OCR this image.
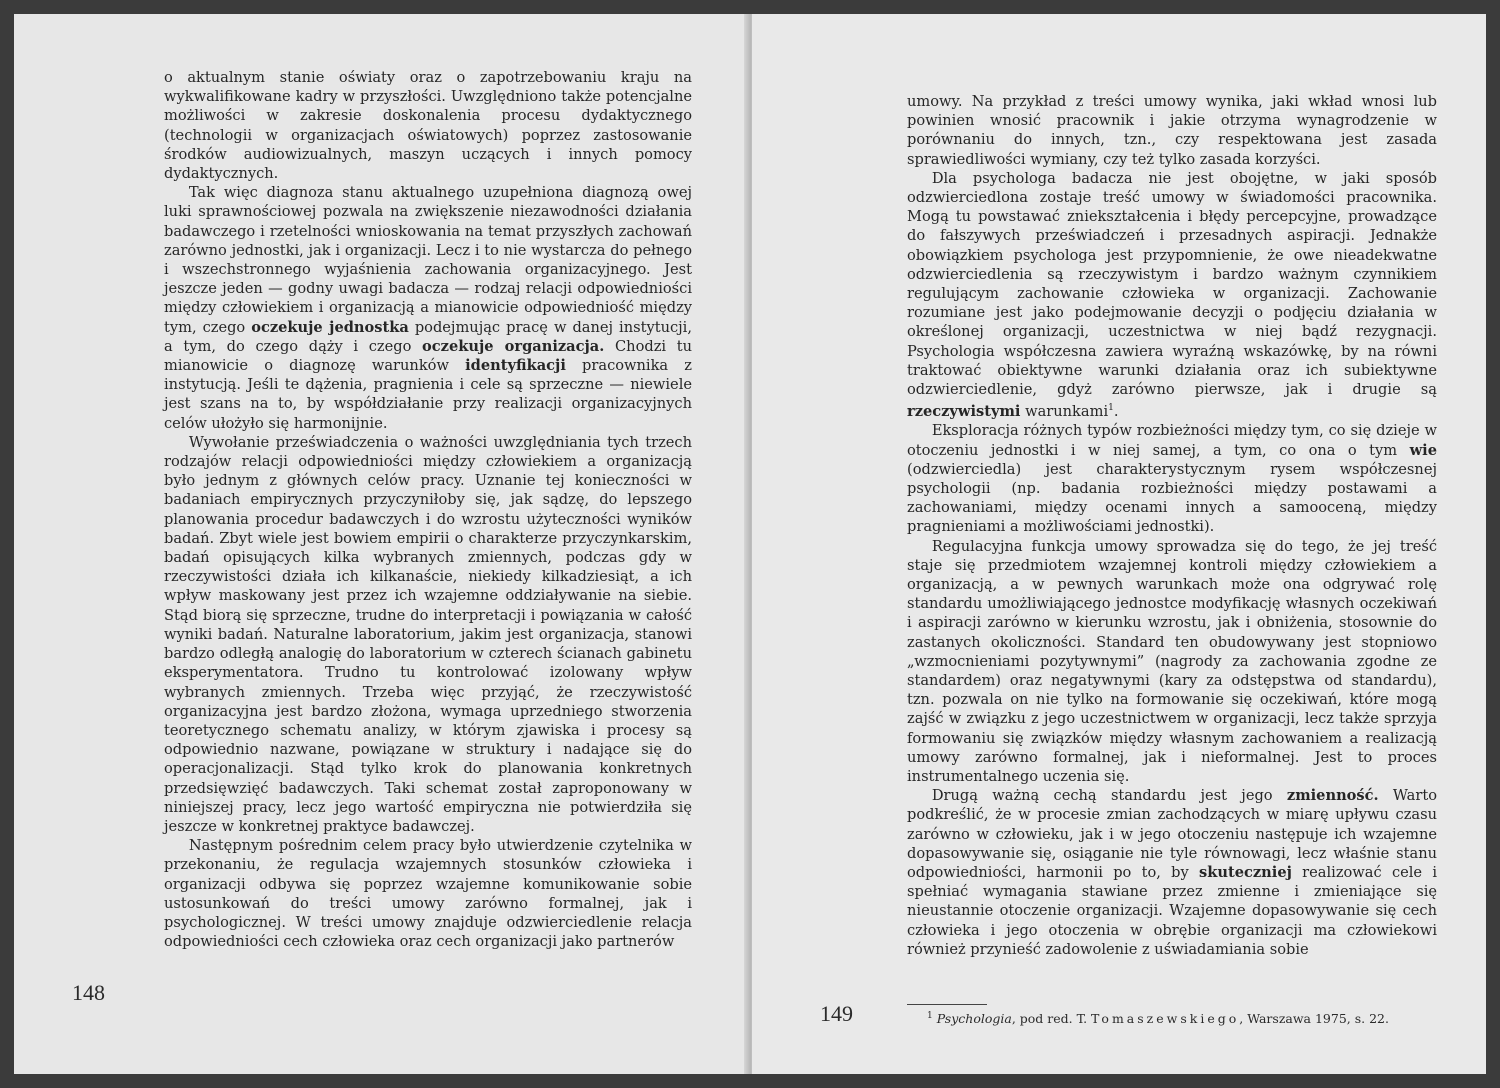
o aktualnym stanie oświaty oraz o zapotrzebowaniu kraju na wykwalifikowane kadry w przyszłości. Uwzględniono także potencjalne możliwości w zakresie doskonalenia procesu dydaktycznego (technologii w organizacjach oświatowych) poprzez zastosowanie środków audiowizualnych, maszyn uczących i innych pomocy dydaktycznych.

Tak więc diagnoza stanu aktualnego uzupełniona diagnozą owej luki sprawnościowej pozwala na zwiększenie niezawodności działania badawczego i rzetelności wnioskowania na temat przyszłych zachowań zarówno jednostki, jak i organizacji. Lecz i to nie wystarcza do pełnego i wszechstronnego wyjaśnienia zachowania organizacyjnego. Jest jeszcze jeden — godny uwagi badacza — rodzaj relacji odpowiedniości między człowiekiem i organizacją a mianowicie odpowiedniość między tym, czego oczekuje jednostka podejmując pracę w danej instytucji, a tym, do czego dąży i czego oczekuje organizacja. Chodzi tu mianowicie o diagnozę warunków identyfikacji pracownika z instytucją. Jeśli te dążenia, pragnienia i cele są sprzeczne — niewiele jest szans na to, by współdziałanie przy realizacji organizacyjnych celów ułożyło się harmonijnie.

Wywołanie przeświadczenia o ważności uwzględniania tych trzech rodzajów relacji odpowiedniości między człowiekiem a organizacją było jednym z głównych celów pracy. Uznanie tej konieczności w badaniach empirycznych przyczyniłoby się, jak sądzę, do lepszego planowania procedur badawczych i do wzrostu użyteczności wyników badań. Zbyt wiele jest bowiem empirii o charakterze przyczynkarskim, badań opisujących kilka wybranych zmiennych, podczas gdy w rzeczywistości działa ich kilkanaście, niekiedy kilkadziesiąt, a ich wpływ maskowany jest przez ich wzajemne oddziaływanie na siebie. Stąd biorą się sprzeczne, trudne do interpretacji i powiązania w całość wyniki badań. Naturalne laboratorium, jakim jest organizacja, stanowi bardzo odległą analogię do laboratorium w czterech ścianach gabinetu eksperymentatora. Trudno tu kontrolować izolowany wpływ wybranych zmiennych. Trzeba więc przyjąć, że rzeczywistość organizacyjna jest bardzo złożona, wymaga uprzedniego stworzenia teoretycznego schematu analizy, w którym zjawiska i procesy są odpowiednio nazwane, powiązane w struktury i nadające się do operacjonalizacji. Stąd tylko krok do planowania konkretnych przedsięwzięć badawczych. Taki schemat został zaproponowany w niniejszej pracy, lecz jego wartość empiryczna nie potwierdziła się jeszcze w konkretnej praktyce badawczej.

Następnym pośrednim celem pracy było utwierdzenie czytelnika w przekonaniu, że regulacja wzajemnych stosunków człowieka i organizacji odbywa się poprzez wzajemne komunikowanie sobie ustosunkowań do treści umowy zarówno formalnej, jak i psychologicznej. W treści umowy znajduje odzwierciedlenie relacja odpowiedniości cech człowieka oraz cech organizacji jako partnerów

148

umowy. Na przykład z treści umowy wynika, jaki wkład wnosi lub powinien wnosić pracownik i jakie otrzyma wynagrodzenie w porównaniu do innych, tzn., czy respektowana jest zasada sprawiedliwości wymiany, czy też tylko zasada korzyści.

Dla psychologa badacza nie jest obojętne, w jaki sposób odzwierciedlona zostaje treść umowy w świadomości pracownika. Mogą tu powstawać zniekształcenia i błędy percepcyjne, prowadzące do fałszywych przeświadczeń i przesadnych aspiracji. Jednakże obowiązkiem psychologa jest przypomnienie, że owe nieadekwatne odzwierciedlenia są rzeczywistym i bardzo ważnym czynnikiem regulującym zachowanie człowieka w organizacji. Zachowanie rozumiane jest jako podejmowanie decyzji o podjęciu działania w określonej organizacji, uczestnictwa w niej bądź rezygnacji. Psychologia współczesna zawiera wyraźną wskazówkę, by na równi traktować obiektywne warunki działania oraz ich subiektywne odzwierciedlenie, gdyż zarówno pierwsze, jak i drugie są rzeczywistymi warunkami$^1$.

Eksploracja różnych typów rozbieżności między tym, co się dzieje w otoczeniu jednostki i w niej samej, a tym, co ona o tym wie (odzwierciedla) jest charakterystycznym rysem współczesnej psychologii (np. badania rozbieżności między postawami a zachowaniami, między ocenami innych a samooceną, między pragnieniami a możliwościami jednostki).

Regulacyjna funkcja umowy sprowadza się do tego, że jej treść staje się przedmiotem wzajemnej kontroli między człowiekiem a organizacją, a w pewnych warunkach może ona odgrywać rolę standardu umożliwiającego jednostce modyfikację własnych oczekiwań i aspiracji zarówno w kierunku wzrostu, jak i obniżenia, stosownie do zastanych okoliczności. Standard ten obudowywany jest stopniowo „wzmocnieniami pozytywnymi” (nagrody za zachowania zgodne ze standardem) oraz negatywnymi (kary za odstępstwa od standardu), tzn. pozwala on nie tylko na formowanie się oczekiwań, które mogą zajść w związku z jego uczestnictwem w organizacji, lecz także sprzyja formowaniu się związków między własnym zachowaniem a realizacją umowy zarówno formalnej, jak i nieformalnej. Jest to proces instrumentalnego uczenia się.

Drugą ważną cechą standardu jest jego zmienność. Warto podkreślić, że w procesie zmian zachodzących w miarę upływu czasu zarówno w człowieku, jak i w jego otoczeniu następuje ich wzajemne dopasowywanie się, osiąganie nie tyle równowagi, lecz właśnie stanu odpowiedniości, harmonii po to, by skuteczniej realizować cele i spełniać wymagania stawiane przez zmienne i zmieniające się nieustannie otoczenie organizacji. Wzajemne dopasowywanie się cech człowieka i jego otoczenia w obrębie organizacji ma człowiekowi również przynieść zadowolenie z uświadamiania sobie

149	$^1$ Psychologia, pod red. T. Tomaszewskiego, Warszawa 1975, s. 22.
